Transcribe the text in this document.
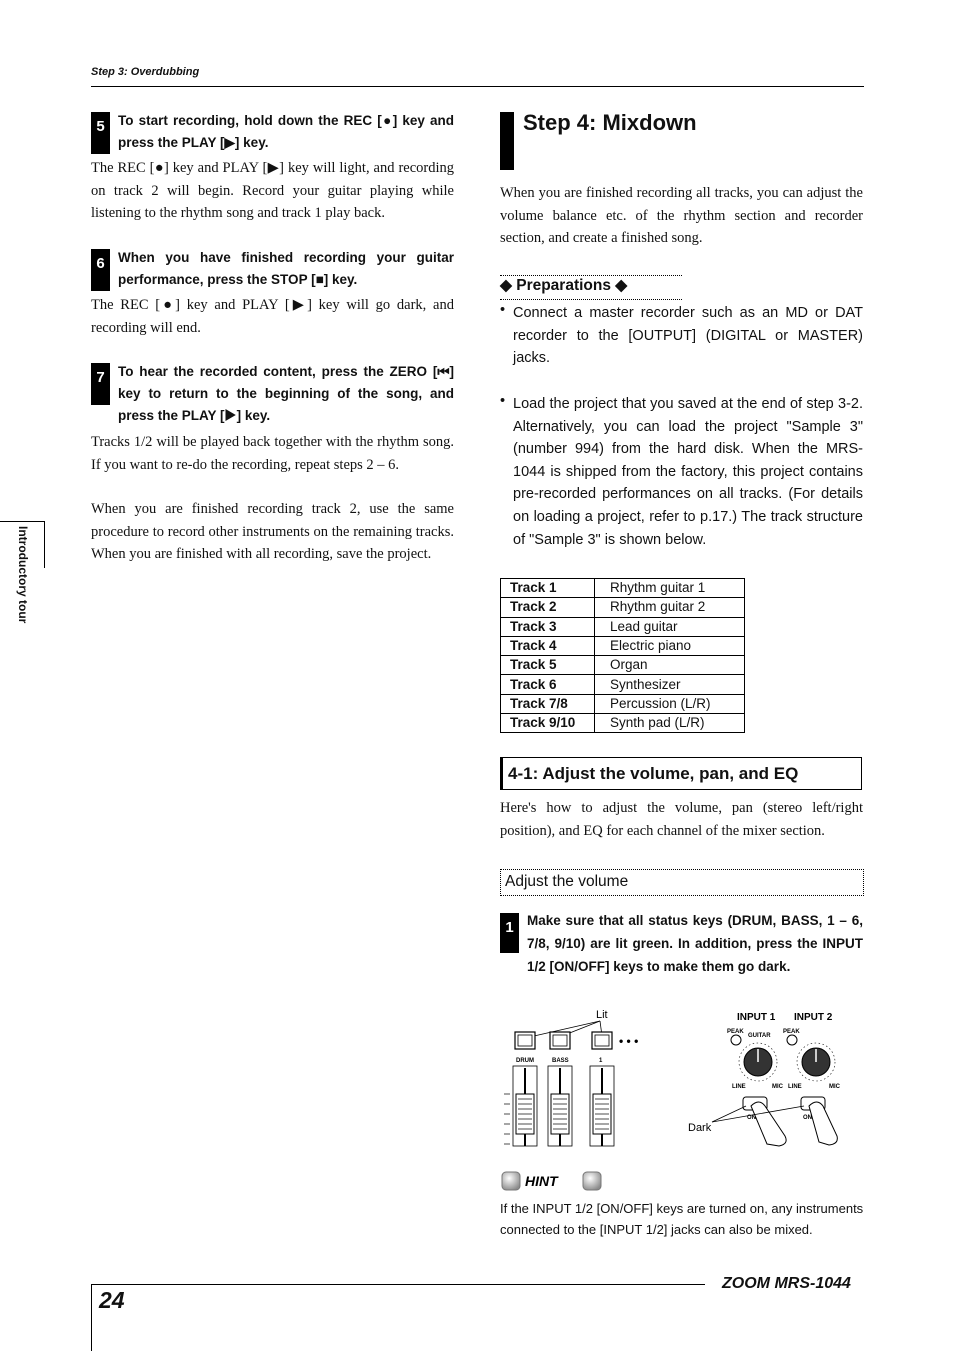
Step 3: Overdubbing
Introductory tour
5 To start recording, hold down the REC [●] key and press the PLAY [▶] key.
The REC [●] key and PLAY [▶] key will light, and recording on track 2 will begin. Record your guitar playing while listening to the rhythm song and track 1 play back.
6 When you have finished recording your guitar performance, press the STOP [■] key.
The REC [●] key and PLAY [▶] key will go dark, and recording will end.
7 To hear the recorded content, press the ZERO [⏮] key to return to the beginning of the song, and press the PLAY [▶] key.
Tracks 1/2 will be played back together with the rhythm song. If you want to re-do the recording, repeat steps 2 – 6.
When you are finished recording track 2, use the same procedure to record other instruments on the remaining tracks. When you are finished with all recording, save the project.
Step 4: Mixdown
When you are finished recording all tracks, you can adjust the volume balance etc. of the rhythm section and recorder section, and create a finished song.
◆ Preparations ◆
• Connect a master recorder such as an MD or DAT recorder to the [OUTPUT] (DIGITAL or MASTER) jacks.
• Load the project that you saved at the end of step 3-2. Alternatively, you can load the project "Sample 3" (number 994) from the hard disk. When the MRS-1044 is shipped from the factory, this project contains pre-recorded performances on all tracks. (For details on loading a project, refer to p.17.) The track structure of "Sample 3" is shown below.
Track 1	Rhythm guitar 1
Track 2	Rhythm guitar 2
Track 3	Lead guitar
Track 4	Electric piano
Track 5	Organ
Track 6	Synthesizer
Track 7/8	Percussion (L/R)
Track 9/10	Synth pad (L/R)
4-1: Adjust the volume, pan, and EQ
Here's how to adjust the volume, pan (stereo left/right position), and EQ for each channel of the mixer section.
Adjust the volume
1 Make sure that all status keys (DRUM, BASS, 1 – 6, 7/8, 9/10) are lit green. In addition, press the INPUT 1/2 [ON/OFF] keys to make them go dark.
Lit
• • •
DRUM	BASS	1
INPUT 1 INPUT 2
PEAK	PEAK
GUITAR
LINE	MIC LINE	MIC
ON	ON
Dark
HINT
If the INPUT 1/2 [ON/OFF] keys are turned on, any instruments connected to the [INPUT 1/2] jacks can also be mixed.
24
ZOOM MRS-1044
